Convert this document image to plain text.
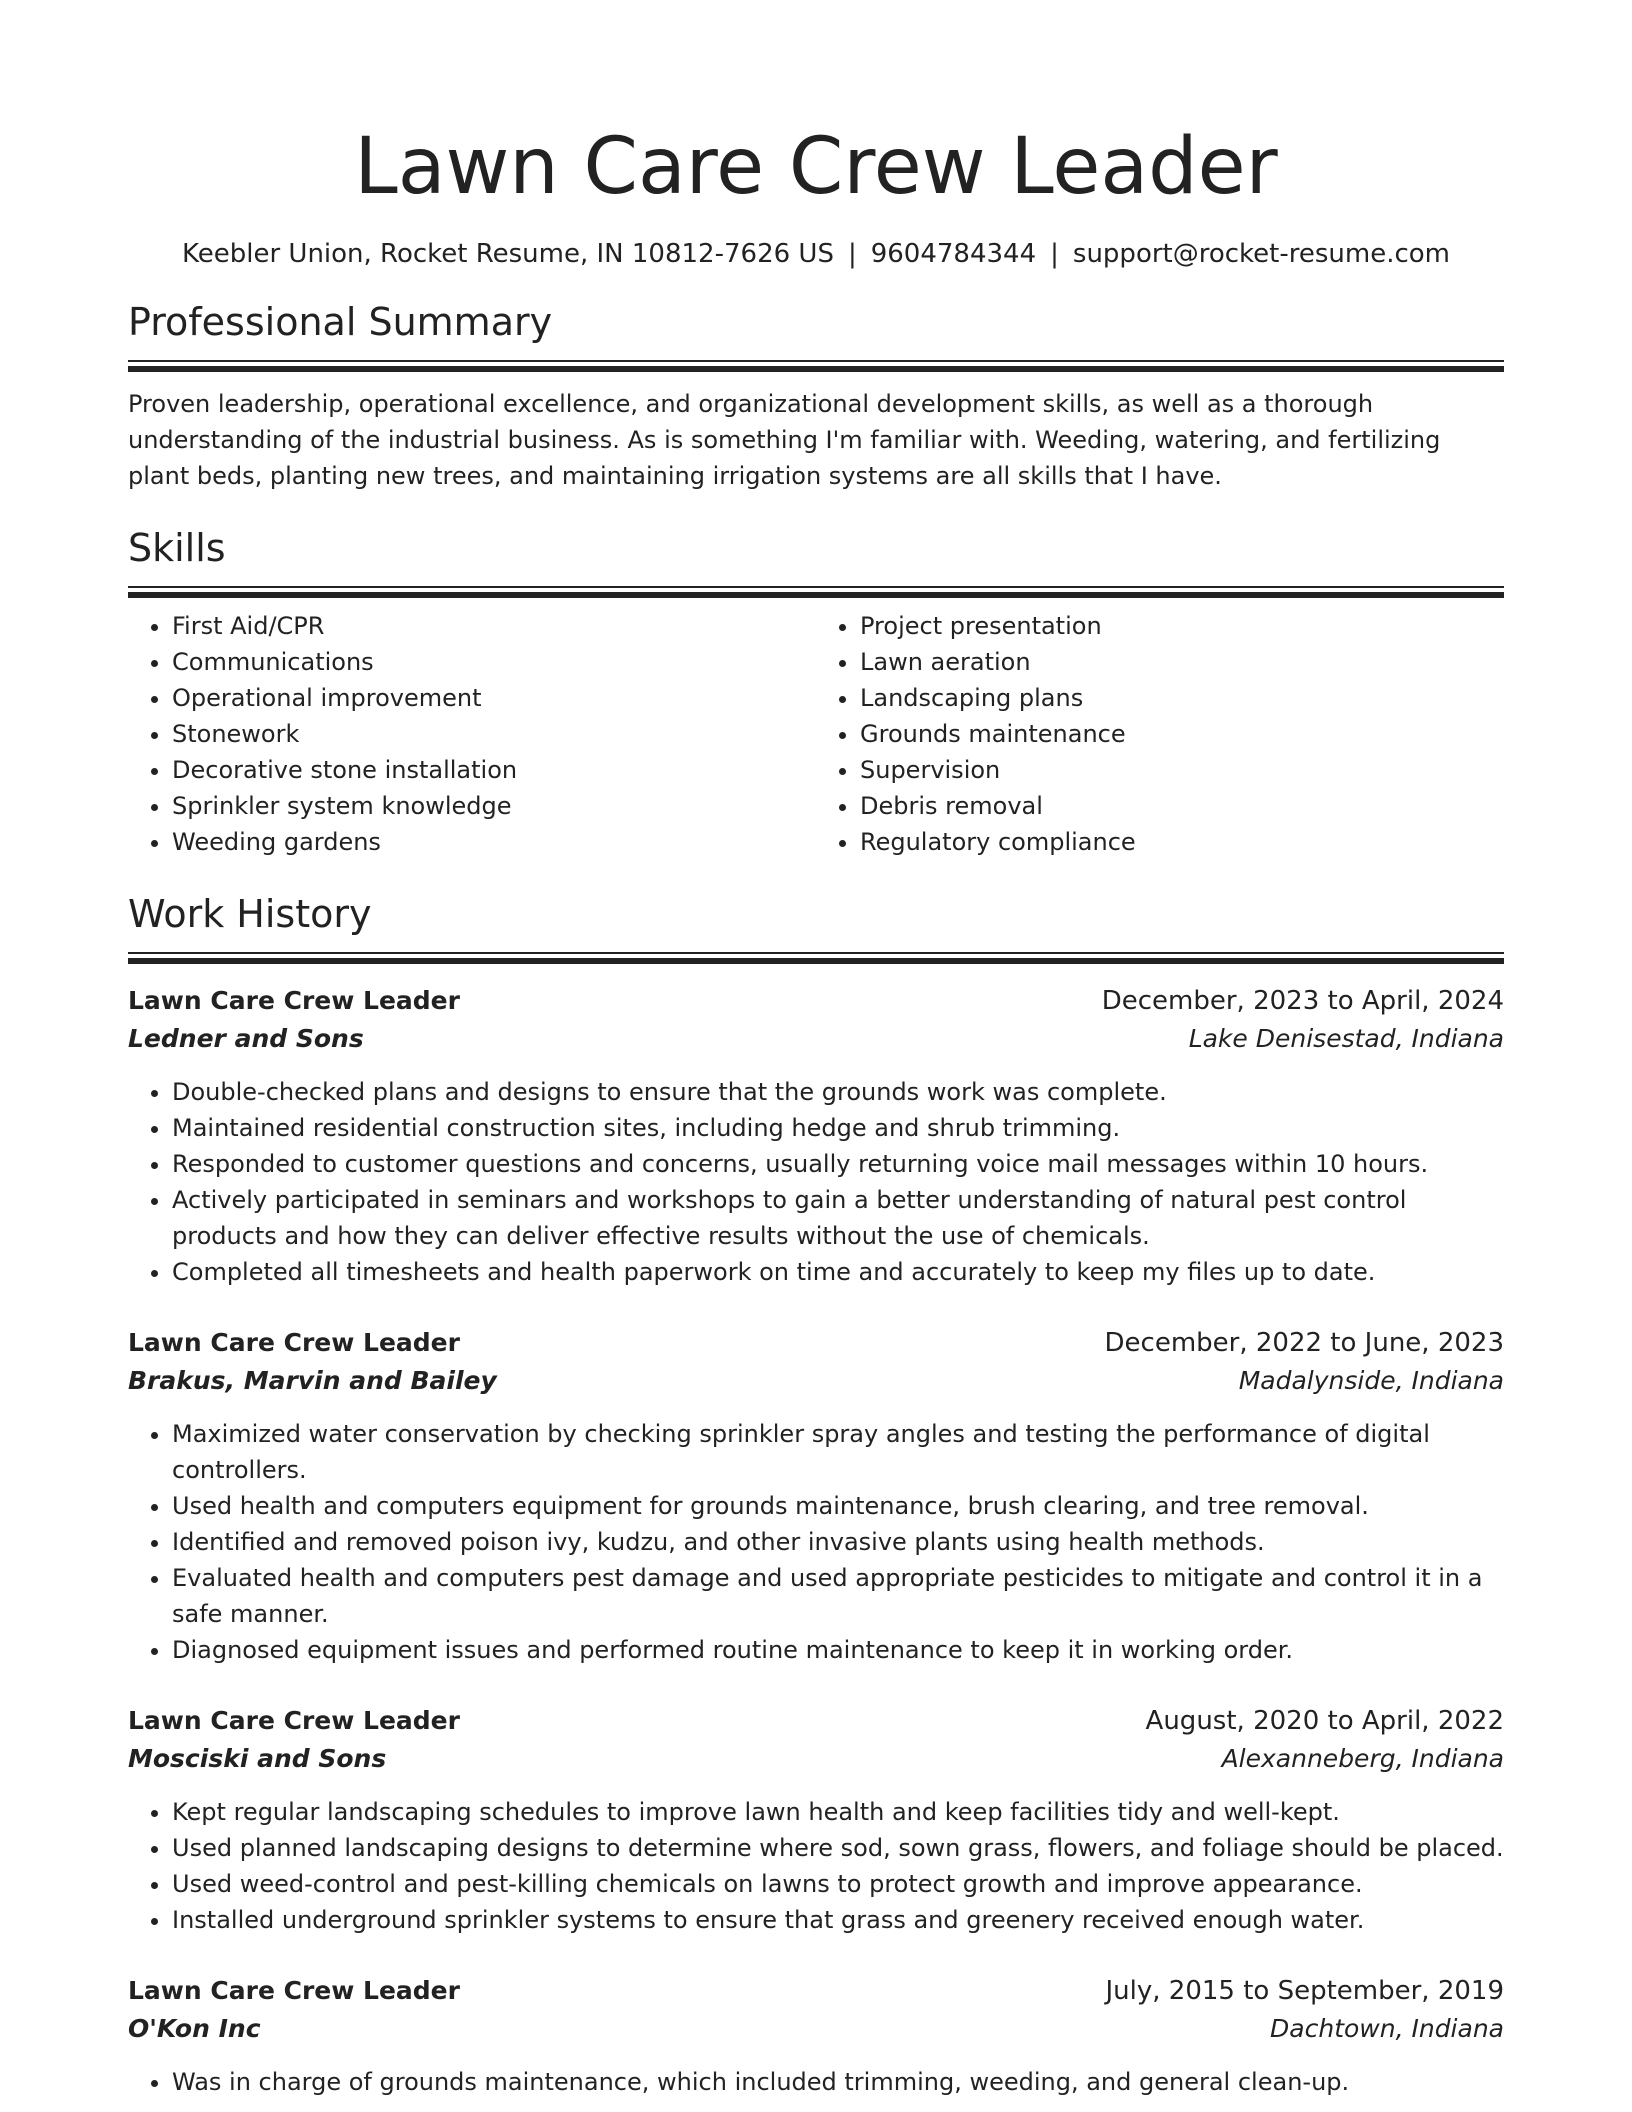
Lawn Care Crew Leader
Keebler Union, Rocket Resume, IN 10812-7626 US | 9604784344 | support@rocket-resume.com
Professional Summary

Proven leadership, operational excellence, and organizational development skills, as well as a thorough understanding of the industrial business. As is something I'm familiar with. Weeding, watering, and fertilizing plant beds, planting new trees, and maintaining irrigation systems are all skills that I have.

Skills
• First Aid/CPR
• Communications
• Operational improvement
• Stonework
• Decorative stone installation
• Sprinkler system knowledge
• Weeding gardens
• Project presentation
• Lawn aeration
• Landscaping plans
• Grounds maintenance
• Supervision
• Debris removal
• Regulatory compliance
Work History
Lawn Care Crew Leader	December, 2023 to April, 2024
Ledner and Sons	Lake Denisestad, Indiana
• Double-checked plans and designs to ensure that the grounds work was complete.
• Maintained residential construction sites, including hedge and shrub trimming.
• Responded to customer questions and concerns, usually returning voice mail messages within 10 hours.
• Actively participated in seminars and workshops to gain a better understanding of natural pest control products and how they can deliver effective results without the use of chemicals.
• Completed all timesheets and health paperwork on time and accurately to keep my files up to date.
Lawn Care Crew Leader	December, 2022 to June, 2023
Brakus, Marvin and Bailey	Madalynside, Indiana
• Maximized water conservation by checking sprinkler spray angles and testing the performance of digital controllers.
• Used health and computers equipment for grounds maintenance, brush clearing, and tree removal.
• Identified and removed poison ivy, kudzu, and other invasive plants using health methods.
• Evaluated health and computers pest damage and used appropriate pesticides to mitigate and control it in a safe manner.
• Diagnosed equipment issues and performed routine maintenance to keep it in working order.
Lawn Care Crew Leader	August, 2020 to April, 2022
Mosciski and Sons	Alexanneberg, Indiana
• Kept regular landscaping schedules to improve lawn health and keep facilities tidy and well-kept.
• Used planned landscaping designs to determine where sod, sown grass, flowers, and foliage should be placed.
• Used weed-control and pest-killing chemicals on lawns to protect growth and improve appearance.
• Installed underground sprinkler systems to ensure that grass and greenery received enough water.
Lawn Care Crew Leader	July, 2015 to September, 2019
O'Kon Inc	Dachtown, Indiana
• Was in charge of grounds maintenance, which included trimming, weeding, and general clean-up.
